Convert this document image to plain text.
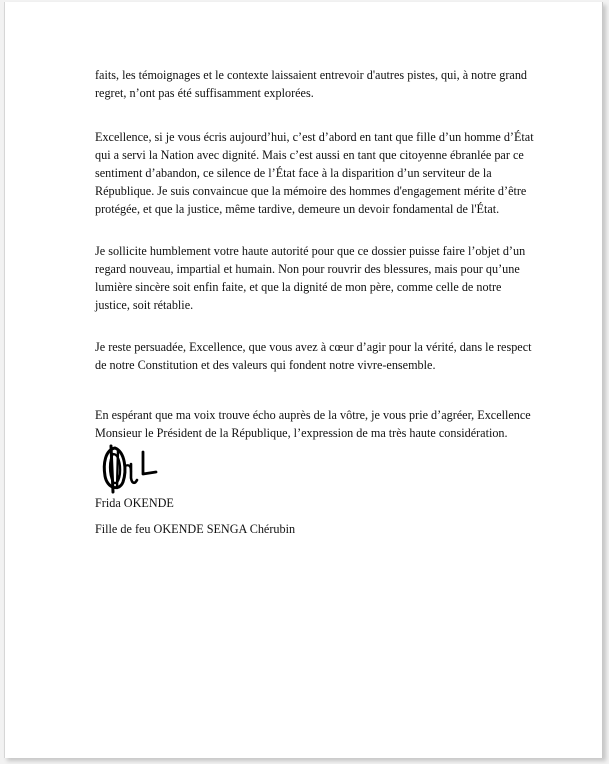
faits, les témoignages et le contexte laissaient entrevoir d'autres pistes, qui, à notre grand regret, n’ont pas été suffisamment explorées.

Excellence, si je vous écris aujourd’hui, c’est d’abord en tant que fille d’un homme d’État qui a servi la Nation avec dignité. Mais c’est aussi en tant que citoyenne ébranlée par ce sentiment d’abandon, ce silence de l’État face à la disparition d’un serviteur de la République. Je suis convaincue que la mémoire des hommes d'engagement mérite d’être protégée, et que la justice, même tardive, demeure un devoir fondamental de l'État.

Je sollicite humblement votre haute autorité pour que ce dossier puisse faire l’objet d’un regard nouveau, impartial et humain. Non pour rouvrir des blessures, mais pour qu’une lumière sincère soit enfin faite, et que la dignité de mon père, comme celle de notre justice, soit rétablie.

Je reste persuadée, Excellence, que vous avez à cœur d’agir pour la vérité, dans le respect de notre Constitution et des valeurs qui fondent notre vivre-ensemble.

En espérant que ma voix trouve écho auprès de la vôtre, je vous prie d’agréer, Excellence Monsieur le Président de la République, l’expression de ma très haute considération.

Frida OKENDE
Fille de feu OKENDE SENGA Chérubin
